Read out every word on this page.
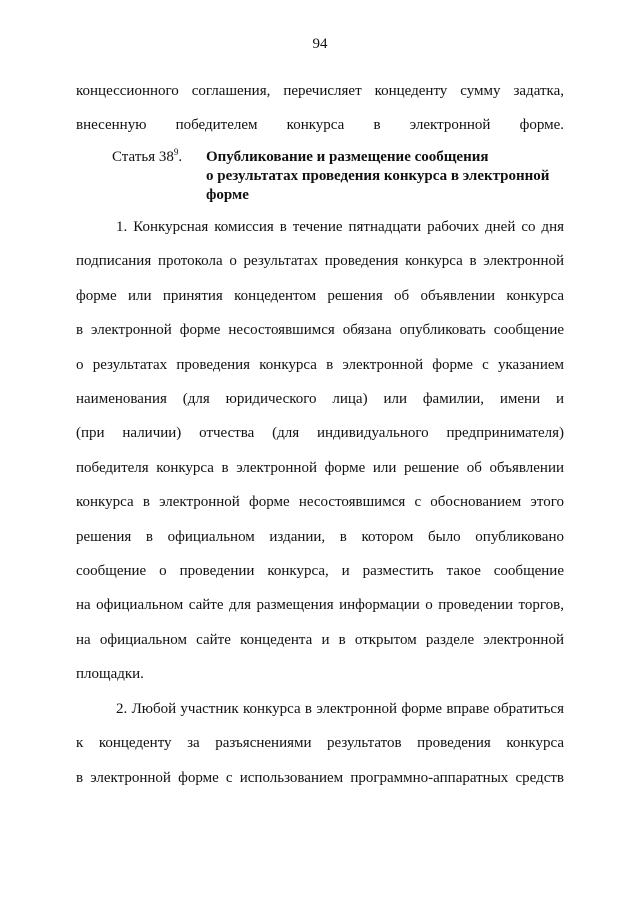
94
концессионного соглашения, перечисляет концеденту сумму задатка,
внесенную победителем конкурса в электронной форме.
Статья $38^9$. Опубликование и размещение сообщения
о результатах проведения конкурса в электронной
форме
1. Конкурсная комиссия в течение пятнадцати рабочих дней со дня
подписания протокола о результатах проведения конкурса в электронной
форме или принятия концедентом решения об объявлении конкурса
в электронной форме несостоявшимся обязана опубликовать сообщение
о результатах проведения конкурса в электронной форме с указанием
наименования (для юридического лица) или фамилии, имени и
(при наличии) отчества (для индивидуального предпринимателя)
победителя конкурса в электронной форме или решение об объявлении
конкурса в электронной форме несостоявшимся с обоснованием этого
решения в официальном издании, в котором было опубликовано
сообщение о проведении конкурса, и разместить такое сообщение
на официальном сайте для размещения информации о проведении торгов,
на официальном сайте концедента и в открытом разделе электронной
площадки.
2. Любой участник конкурса в электронной форме вправе обратиться
к концеденту за разъяснениями результатов проведения конкурса
в электронной форме с использованием программно-аппаратных средств
